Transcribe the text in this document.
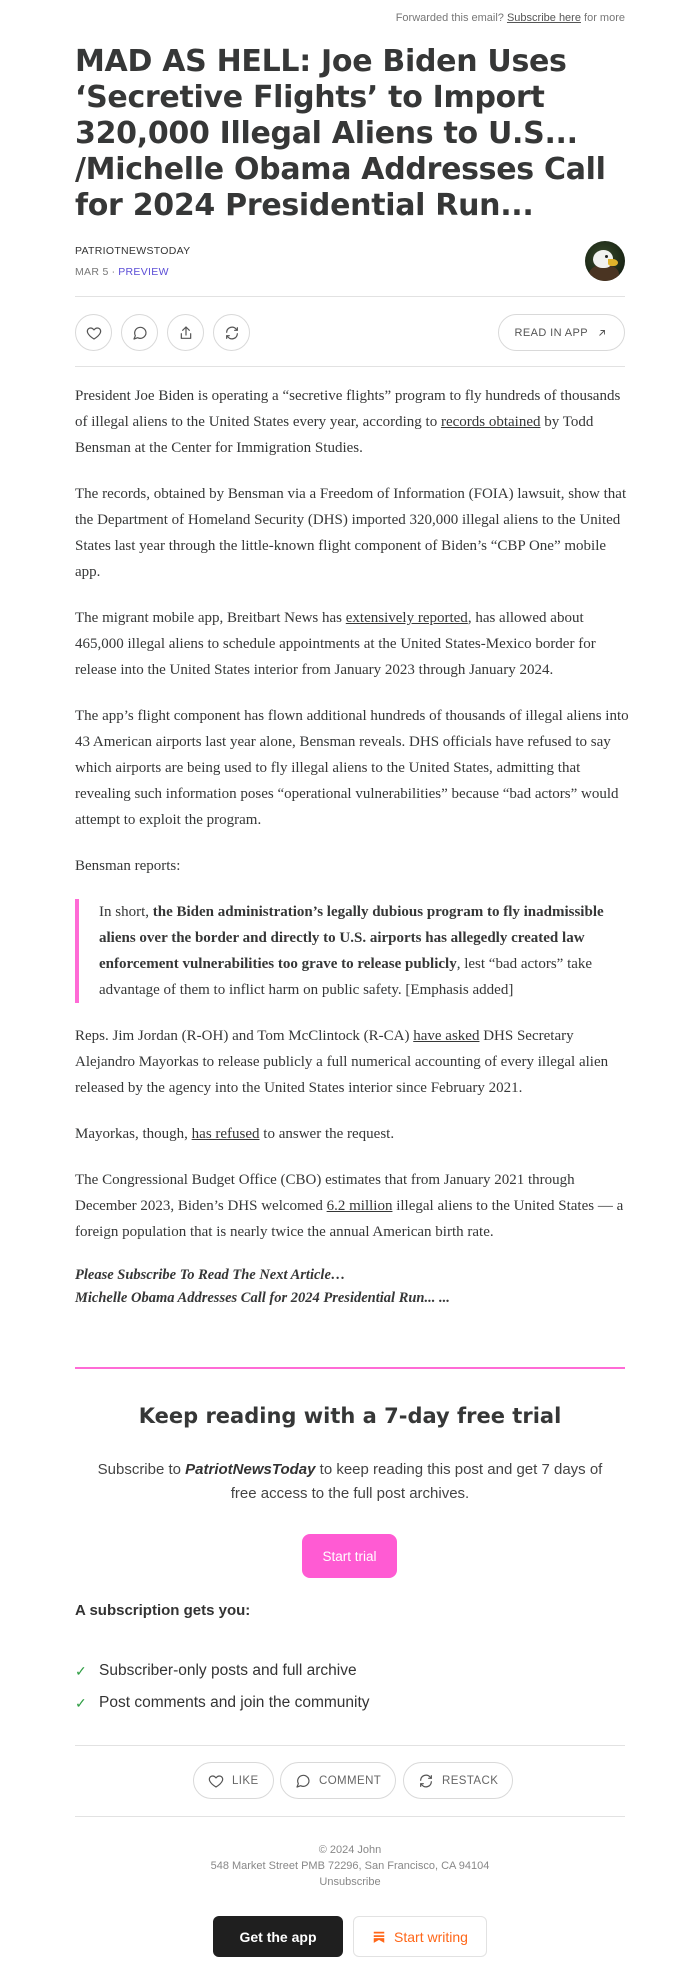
Forwarded this email? Subscribe here for more
MAD AS HELL: Joe Biden Uses ‘Secretive Flights’ to Import 320,000 Illegal Aliens to U.S... /Michelle Obama Addresses Call for 2024 Presidential Run...
PATRIOTNEWSTODAY
MAR 5 ∙ PREVIEW
READ IN APP

President Joe Biden is operating a “secretive flights” program to fly hundreds of thousands of illegal aliens to the United States every year, according to records obtained by Todd Bensman at the Center for Immigration Studies.

The records, obtained by Bensman via a Freedom of Information (FOIA) lawsuit, show that the Department of Homeland Security (DHS) imported 320,000 illegal aliens to the United States last year through the little-known flight component of Biden’s “CBP One” mobile app.

The migrant mobile app, Breitbart News has extensively reported, has allowed about 465,000 illegal aliens to schedule appointments at the United States-Mexico border for release into the United States interior from January 2023 through January 2024.

The app’s flight component has flown additional hundreds of thousands of illegal aliens into 43 American airports last year alone, Bensman reveals. DHS officials have refused to say which airports are being used to fly illegal aliens to the United States, admitting that revealing such information poses “operational vulnerabilities” because “bad actors” would attempt to exploit the program.

Bensman reports:

In short, the Biden administration’s legally dubious program to fly inadmissible aliens over the border and directly to U.S. airports has allegedly created law enforcement vulnerabilities too grave to release publicly, lest “bad actors” take advantage of them to inflict harm on public safety. [Emphasis added]

Reps. Jim Jordan (R-OH) and Tom McClintock (R-CA) have asked DHS Secretary Alejandro Mayorkas to release publicly a full numerical accounting of every illegal alien released by the agency into the United States interior since February 2021.

Mayorkas, though, has refused to answer the request.

The Congressional Budget Office (CBO) estimates that from January 2021 through December 2023, Biden’s DHS welcomed 6.2 million illegal aliens to the United States — a foreign population that is nearly twice the annual American birth rate.

Please Subscribe To Read The Next Article…
Michelle Obama Addresses Call for 2024 Presidential Run... ...
Keep reading with a 7-day free trial
Subscribe to PatriotNewsToday to keep reading this post and get 7 days of free access to the full post archives.
Start trial
A subscription gets you:
✓ Subscriber-only posts and full archive
✓ Post comments and join the community
LIKE	COMMENT	RESTACK
© 2024 John
548 Market Street PMB 72296, San Francisco, CA 94104
Unsubscribe
Get the app	Start writing
